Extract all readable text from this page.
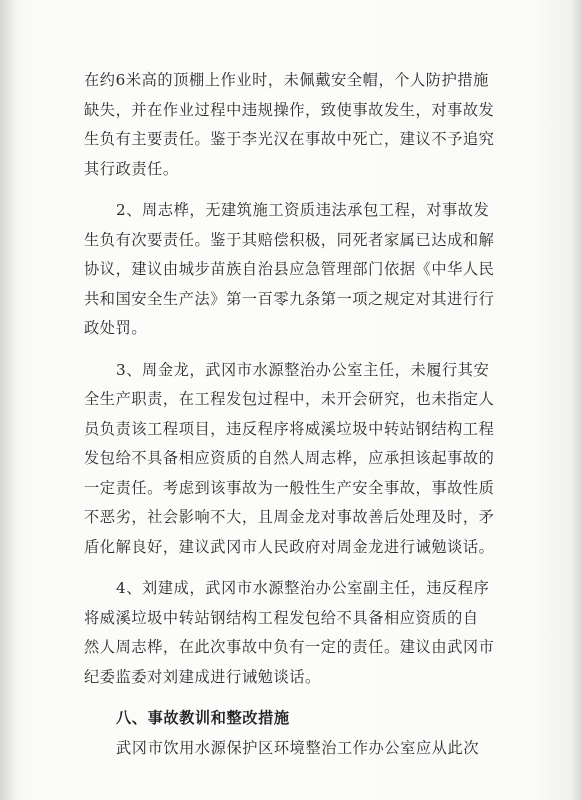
在约6米高的顶棚上作业时，未佩戴安全帽，个人防护措施
缺失，并在作业过程中违规操作，致使事故发生，对事故发
生负有主要责任。鉴于李光汉在事故中死亡，建议不予追究
其行政责任。
2、周志桦，无建筑施工资质违法承包工程，对事故发
生负有次要责任。鉴于其赔偿积极，同死者家属已达成和解
协议，建议由城步苗族自治县应急管理部门依据《中华人民
共和国安全生产法》第一百零九条第一项之规定对其进行行
政处罚。
3、周金龙，武冈市水源整治办公室主任，未履行其安
全生产职责，在工程发包过程中，未开会研究，也未指定人
员负责该工程项目，违反程序将威溪垃圾中转站钢结构工程
发包给不具备相应资质的自然人周志桦，应承担该起事故的
一定责任。考虑到该事故为一般性生产安全事故，事故性质
不恶劣，社会影响不大，且周金龙对事故善后处理及时，矛
盾化解良好，建议武冈市人民政府对周金龙进行诫勉谈话。
4、刘建成，武冈市水源整治办公室副主任，违反程序
将威溪垃圾中转站钢结构工程发包给不具备相应资质的自
然人周志桦，在此次事故中负有一定的责任。建议由武冈市
纪委监委对刘建成进行诫勉谈话。
八、事故教训和整改措施
武冈市饮用水源保护区环境整治工作办公室应从此次
